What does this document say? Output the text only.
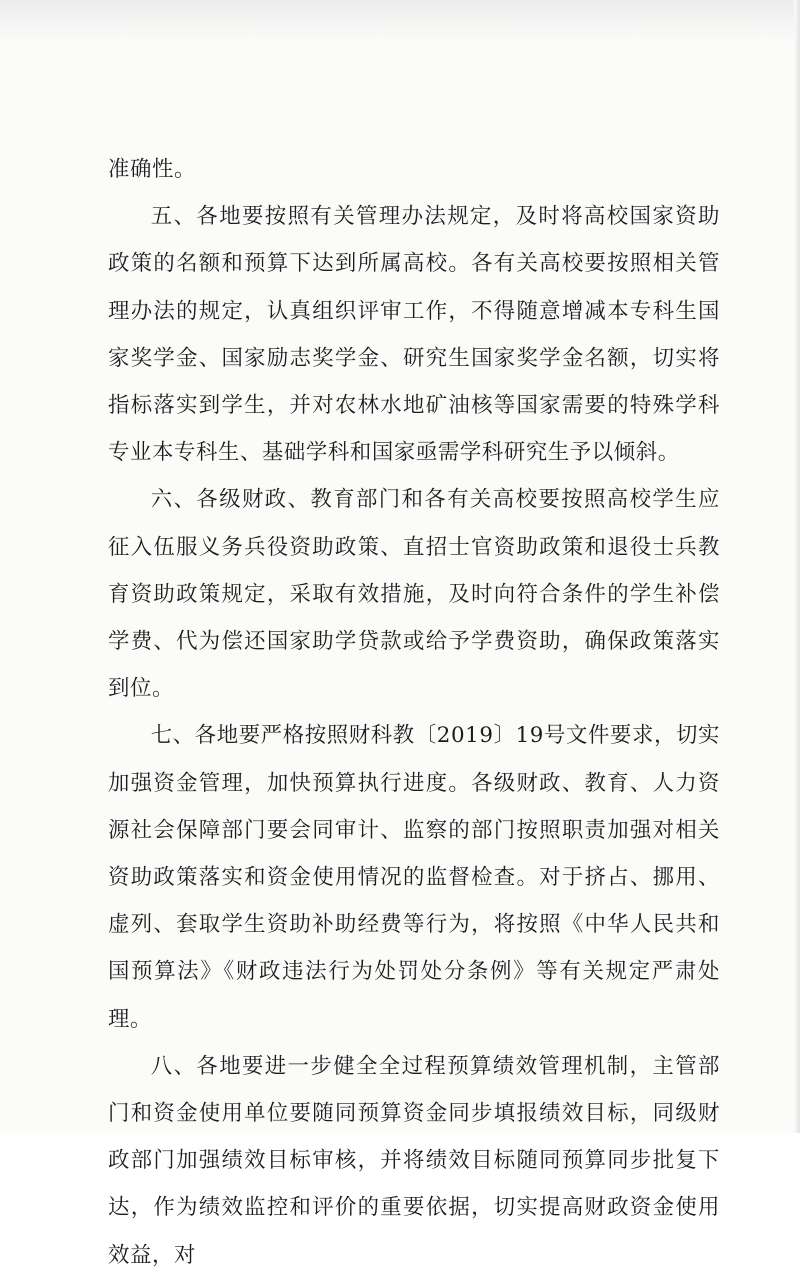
准确性。

五、各地要按照有关管理办法规定，及时将高校国家资助政策的名额和预算下达到所属高校。各有关高校要按照相关管理办法的规定，认真组织评审工作，不得随意增减本专科生国家奖学金、国家励志奖学金、研究生国家奖学金名额，切实将指标落实到学生，并对农林水地矿油核等国家需要的特殊学科专业本专科生、基础学科和国家亟需学科研究生予以倾斜。

六、各级财政、教育部门和各有关高校要按照高校学生应征入伍服义务兵役资助政策、直招士官资助政策和退役士兵教育资助政策规定，采取有效措施，及时向符合条件的学生补偿学费、代为偿还国家助学贷款或给予学费资助，确保政策落实到位。

七、各地要严格按照财科教〔2019〕19号文件要求，切实加强资金管理，加快预算执行进度。各级财政、教育、人力资源社会保障部门要会同审计、监察的部门按照职责加强对相关资助政策落实和资金使用情况的监督检查。对于挤占、挪用、虚列、套取学生资助补助经费等行为，将按照《中华人民共和国预算法》《财政违法行为处罚处分条例》等有关规定严肃处理。

八、各地要进一步健全全过程预算绩效管理机制，主管部门和资金使用单位要随同预算资金同步填报绩效目标，同级财政部门加强绩效目标审核，并将绩效目标随同预算同步批复下达，作为绩效监控和评价的重要依据，切实提高财政资金使用效益，对
